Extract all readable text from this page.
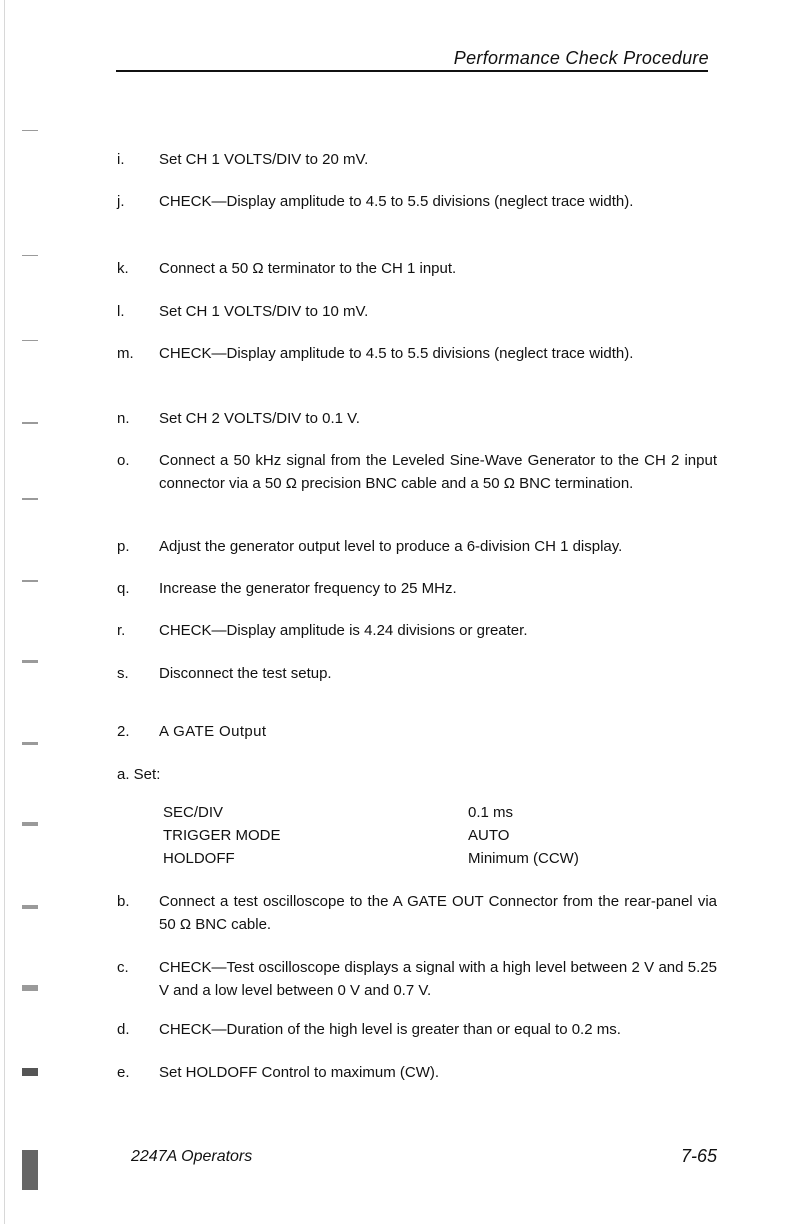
Performance Check Procedure
i.	Set CH 1 VOLTS/DIV to 20 mV.
j.	CHECK—Display amplitude to 4.5 to 5.5 divisions (neglect trace width).
k.	Connect a 50 Ω terminator to the CH 1 input.
l.	Set CH 1 VOLTS/DIV to 10 mV.
m.	CHECK—Display amplitude to 4.5 to 5.5 divisions (neglect trace width).
n.	Set CH 2 VOLTS/DIV to 0.1 V.
o.	Connect a 50 kHz signal from the Leveled Sine-Wave Generator to the CH 2 input connector via a 50 Ω precision BNC cable and a 50 Ω BNC termination.
p.	Adjust the generator output level to produce a 6-division CH 1 display.
q.	Increase the generator frequency to 25 MHz.
r.	CHECK—Display amplitude is 4.24 divisions or greater.
s.	Disconnect the test setup.
2.	A GATE Output
a. Set:
SEC/DIV	0.1 ms
TRIGGER MODE	AUTO
HOLDOFF	Minimum (CCW)
b.	Connect a test oscilloscope to the A GATE OUT Connector from the rear-panel via 50 Ω BNC cable.
c.	CHECK—Test oscilloscope displays a signal with a high level between 2 V and 5.25 V and a low level between 0 V and 0.7 V.
d.	CHECK—Duration of the high level is greater than or equal to 0.2 ms.
e.	Set HOLDOFF Control to maximum (CW).
2247A Operators	7-65
